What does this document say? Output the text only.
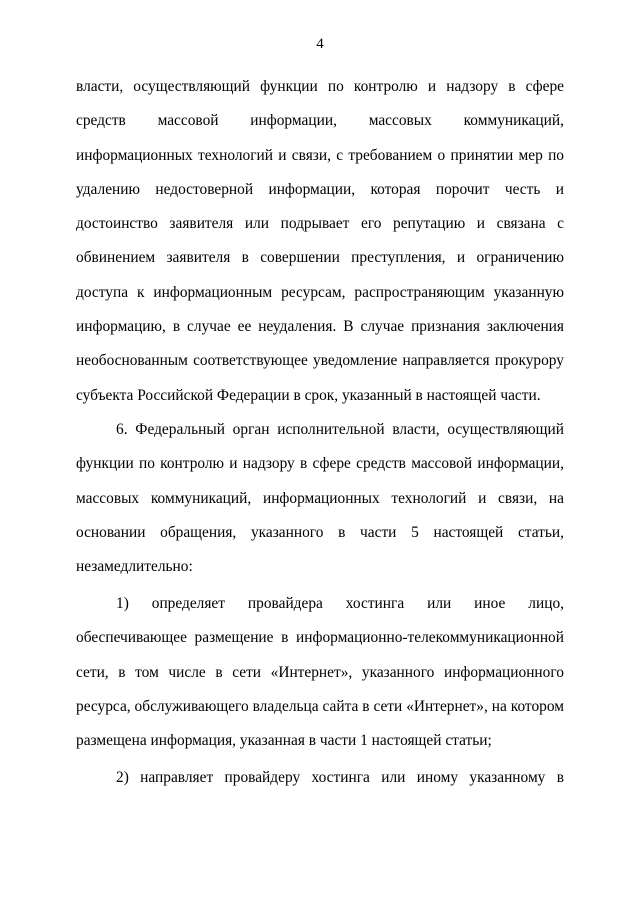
4

власти, осуществляющий функции по контролю и надзору в сфере средств массовой информации, массовых коммуникаций, информационных технологий и связи, с требованием о принятии мер по удалению недостоверной информации, которая порочит честь и достоинство заявителя или подрывает его репутацию и связана с обвинением заявителя в совершении преступления, и ограничению доступа к информационным ресурсам, распространяющим указанную информацию, в случае ее неудаления. В случае признания заключения необоснованным соответствующее уведомление направляется прокурору субъекта Российской Федерации в срок, указанный в настоящей части.

6. Федеральный орган исполнительной власти, осуществляющий функции по контролю и надзору в сфере средств массовой информации, массовых коммуникаций, информационных технологий и связи, на основании обращения, указанного в части 5 настоящей статьи, незамедлительно:

1) определяет провайдера хостинга или иное лицо, обеспечивающее размещение в информационно-телекоммуникационной сети, в том числе в сети «Интернет», указанного информационного ресурса, обслуживающего владельца сайта в сети «Интернет», на котором размещена информация, указанная в части 1 настоящей статьи;

2) направляет провайдеру хостинга или иному указанному в
